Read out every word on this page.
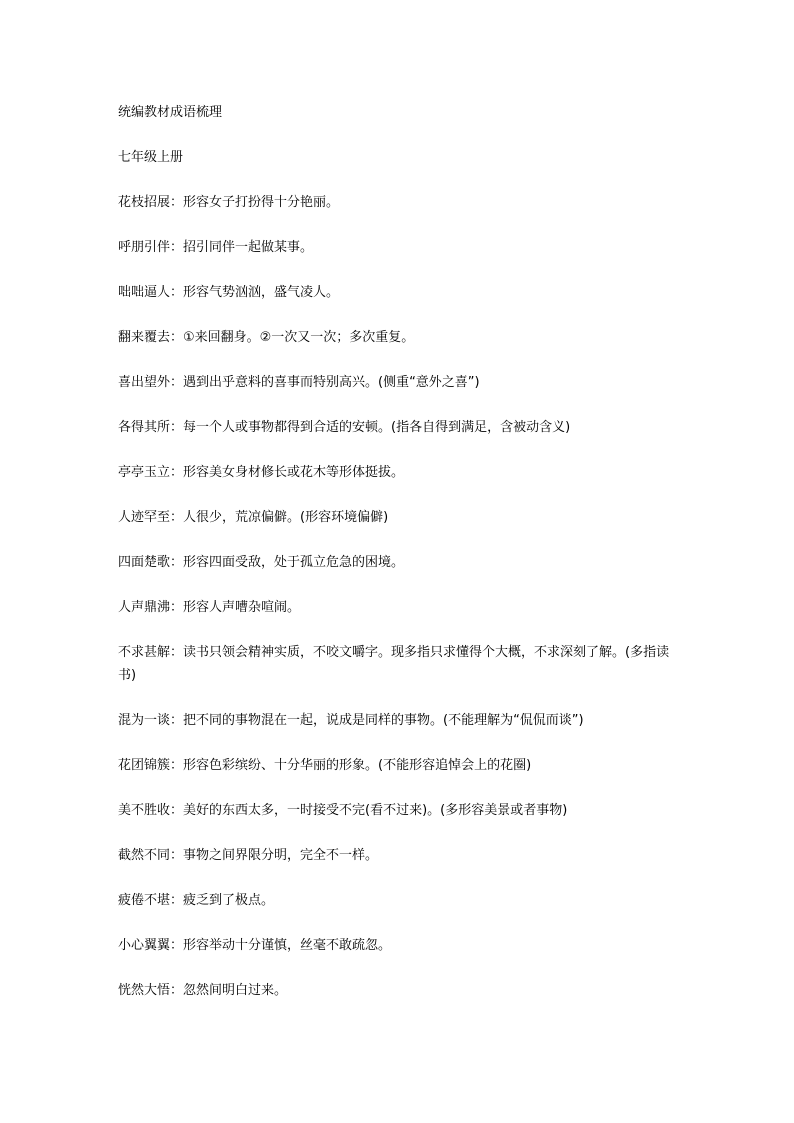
统编教材成语梳理

七年级上册

花枝招展：形容女子打扮得十分艳丽。

呼朋引伴：招引同伴一起做某事。

咄咄逼人：形容气势汹汹，盛气凌人。

翻来覆去：①来回翻身。②一次又一次；多次重复。

喜出望外：遇到出乎意料的喜事而特别高兴。(侧重“意外之喜”)

各得其所：每一个人或事物都得到合适的安顿。(指各自得到满足，含被动含义)

亭亭玉立：形容美女身材修长或花木等形体挺拔。

人迹罕至：人很少，荒凉偏僻。(形容环境偏僻)

四面楚歌：形容四面受敌，处于孤立危急的困境。

人声鼎沸：形容人声嘈杂喧闹。

不求甚解：读书只领会精神实质，不咬文嚼字。现多指只求懂得个大概，不求深刻了解。(多指读书)

混为一谈：把不同的事物混在一起，说成是同样的事物。(不能理解为“侃侃而谈”)

花团锦簇：形容色彩缤纷、十分华丽的形象。(不能形容追悼会上的花圈)

美不胜收：美好的东西太多，一时接受不完(看不过来)。(多形容美景或者事物)

截然不同：事物之间界限分明，完全不一样。

疲倦不堪：疲乏到了极点。

小心翼翼：形容举动十分谨慎，丝毫不敢疏忽。

恍然大悟：忽然间明白过来。
